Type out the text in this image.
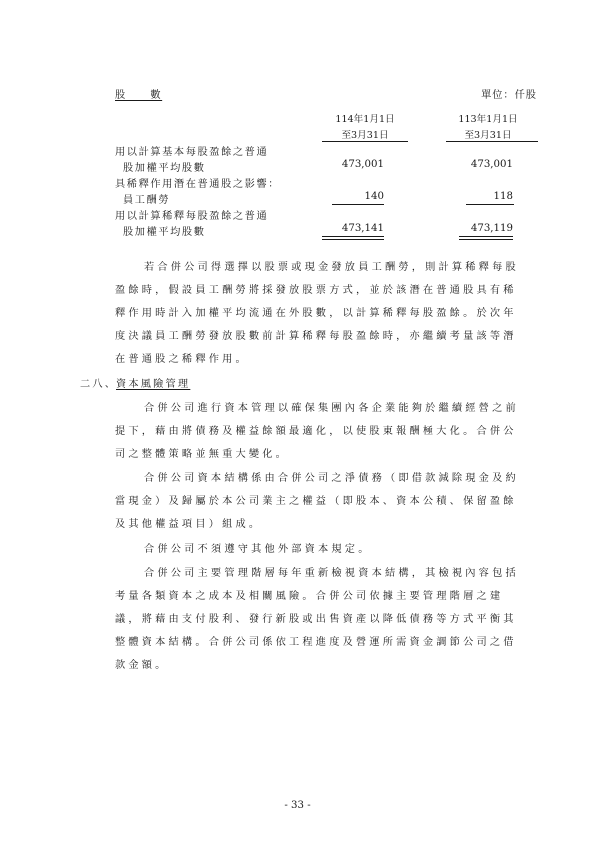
股　　數	單位：仟股
114年1月1日
至3月31日
113年1月1日
至3月31日
用以計算基本每股盈餘之普通
股加權平均股數	473,001	473,001
具稀釋作用潛在普通股之影響：
員工酬勞	140	118
用以計算稀釋每股盈餘之普通
股加權平均股數	473,141	473,119
若合併公司得選擇以股票或現金發放員工酬勞，則計算稀釋每股
盈餘時，假設員工酬勞將採發放股票方式，並於該潛在普通股具有稀
釋作用時計入加權平均流通在外股數，以計算稀釋每股盈餘。於次年
度決議員工酬勞發放股數前計算稀釋每股盈餘時，亦繼續考量該等潛
在普通股之稀釋作用。
二八、
資本風險管理
合併公司進行資本管理以確保集團內各企業能夠於繼續經營之前
提下，藉由將債務及權益餘額最適化，以使股東報酬極大化。合併公
司之整體策略並無重大變化。
合併公司資本結構係由合併公司之淨債務（即借款減除現金及約
當現金）及歸屬於本公司業主之權益（即股本、資本公積、保留盈餘
及其他權益項目）組成。
合併公司不須遵守其他外部資本規定。
合併公司主要管理階層每年重新檢視資本結構，其檢視內容包括
考量各類資本之成本及相關風險。合併公司依據主要管理階層之建
議，將藉由支付股利、發行新股或出售資產以降低債務等方式平衡其
整體資本結構。合併公司係依工程進度及營運所需資金調節公司之借
款金額。
- 33 -
